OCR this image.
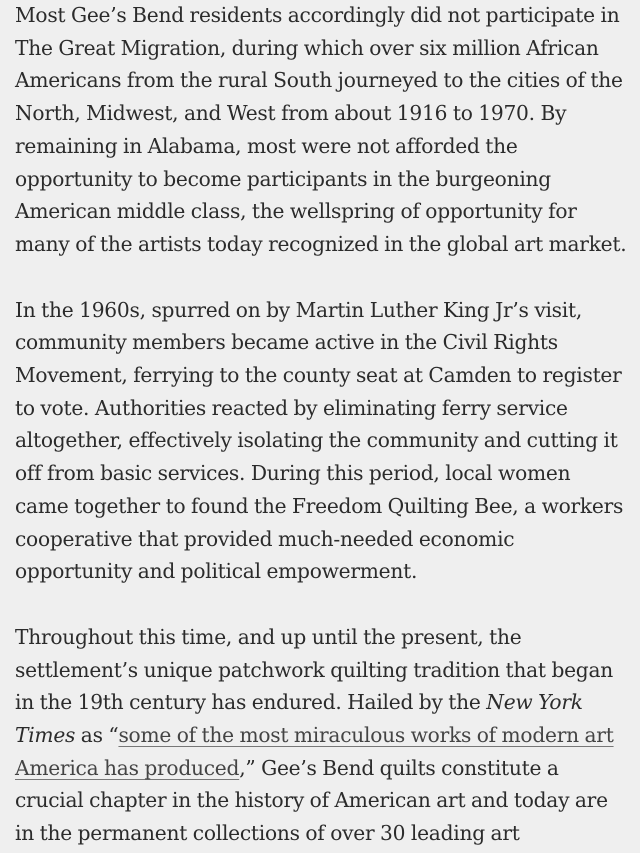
Most Gee’s Bend residents accordingly did not participate in
The Great Migration, during which over six million African
Americans from the rural South journeyed to the cities of the
North, Midwest, and West from about 1916 to 1970. By
remaining in Alabama, most were not afforded the
opportunity to become participants in the burgeoning
American middle class, the wellspring of opportunity for
many of the artists today recognized in the global art market.

In the 1960s, spurred on by Martin Luther King Jr’s visit,
community members became active in the Civil Rights
Movement, ferrying to the county seat at Camden to register
to vote. Authorities reacted by eliminating ferry service
altogether, effectively isolating the community and cutting it
off from basic services. During this period, local women
came together to found the Freedom Quilting Bee, a workers
cooperative that provided much-needed economic
opportunity and political empowerment.

Throughout this time, and up until the present, the
settlement’s unique patchwork quilting tradition that began
in the 19th century has endured. Hailed by the New York
Times as “some of the most miraculous works of modern art
America has produced,” Gee’s Bend quilts constitute a
crucial chapter in the history of American art and today are
in the permanent collections of over 30 leading art
